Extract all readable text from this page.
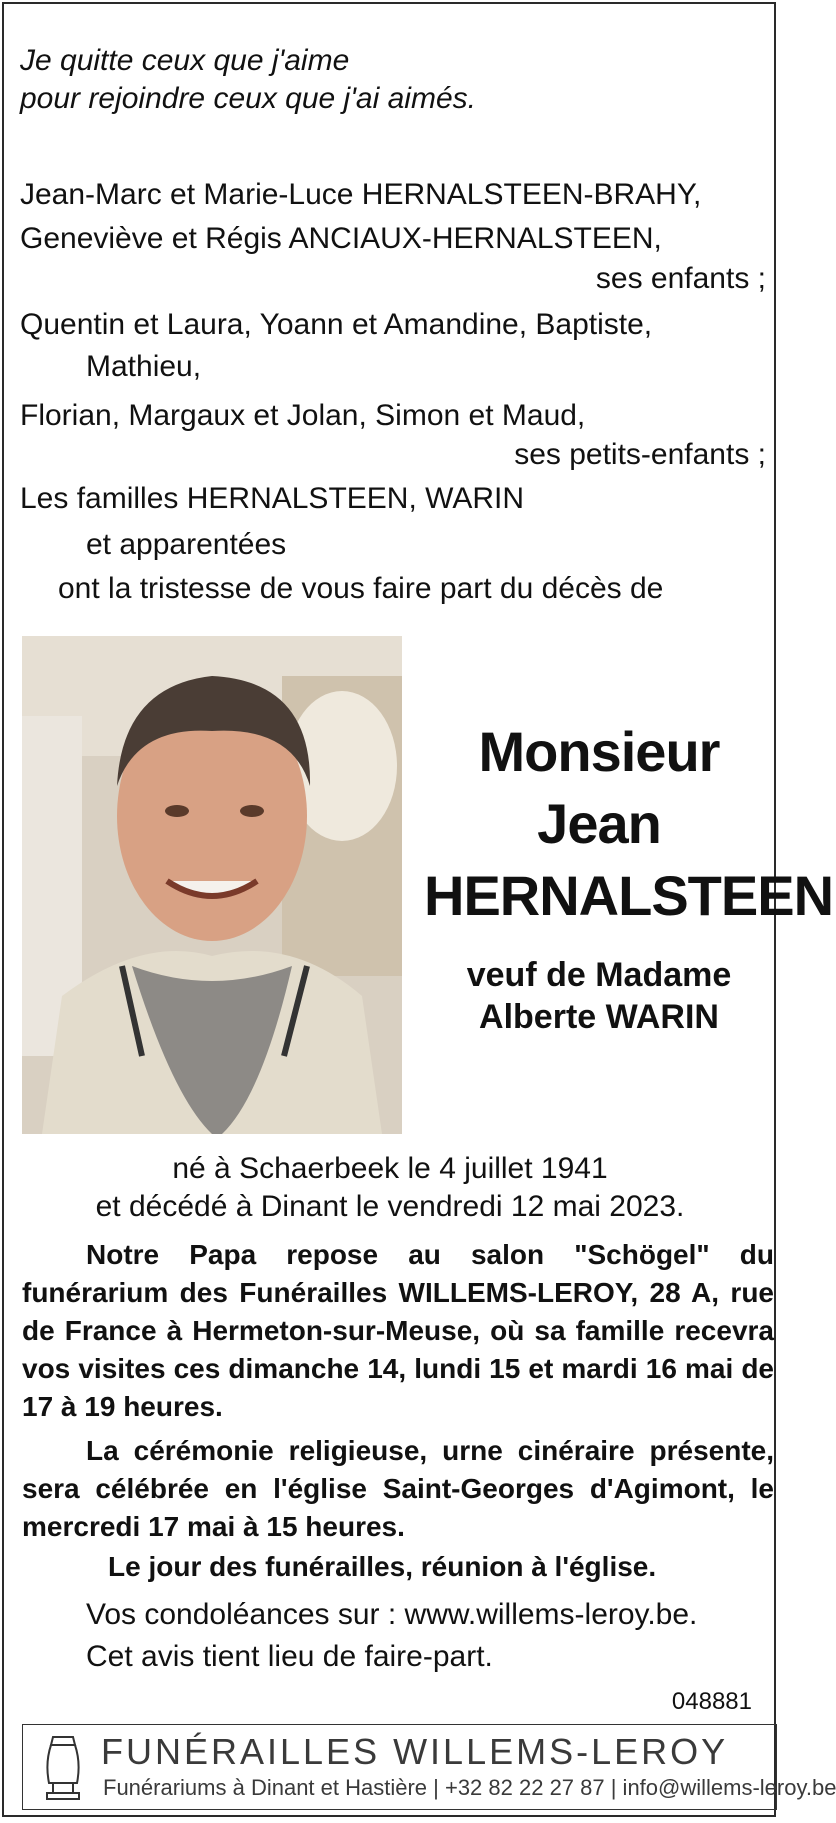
Je quitte ceux que j'aime
pour rejoindre ceux que j'ai aimés.
Jean-Marc et Marie-Luce HERNALSTEEN-BRAHY,
Geneviève et Régis ANCIAUX-HERNALSTEEN,
ses enfants ;
Quentin et Laura, Yoann et Amandine, Baptiste,
Mathieu,
Florian, Margaux et Jolan, Simon et Maud,
ses petits-enfants ;
Les familles HERNALSTEEN, WARIN
et apparentées
ont la tristesse de vous faire part du décès de
Monsieur
Jean
HERNALSTEEN
veuf de Madame
Alberte WARIN
né à Schaerbeek le 4 juillet 1941
et décédé à Dinant le vendredi 12 mai 2023.
Notre Papa repose au salon "Schögel" du funérarium des Funérailles WILLEMS-LEROY, 28 A, rue de France à Hermeton-sur-Meuse, où sa famille recevra vos visites ces dimanche 14, lundi 15 et mardi 16 mai de 17 à 19 heures.
La cérémonie religieuse, urne cinéraire présente, sera célébrée en l'église Saint-Georges d'Agimont, le mercredi 17 mai à 15 heures.
Le jour des funérailles, réunion à l'église.
Vos condoléances sur : www.willems-leroy.be.
Cet avis tient lieu de faire-part.
048881
FUNÉRAILLES WILLEMS-LEROY
Funérariums à Dinant et Hastière | +32 82 22 27 87 | info@willems-leroy.be
